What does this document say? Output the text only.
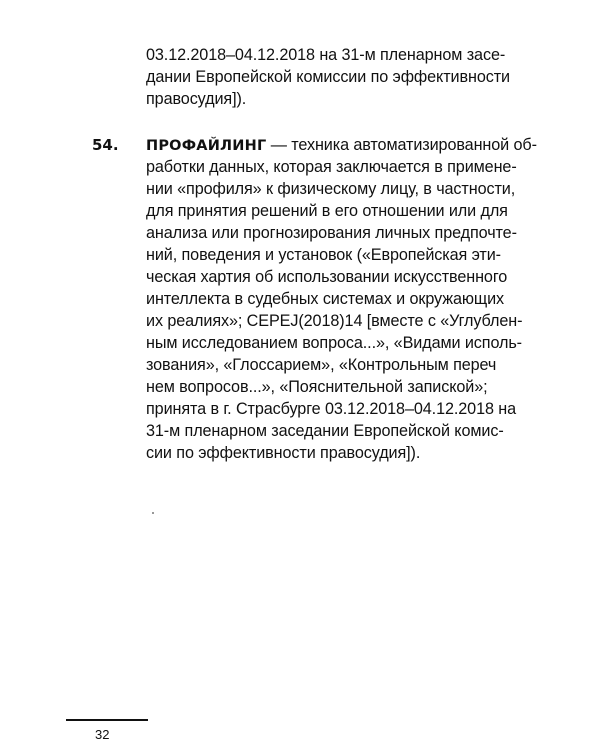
03.12.2018–04.12.2018 на 31-м пленарном засе-
дании Европейской комиссии по эффективности
правосудия]).
54. ПРОФАЙЛИНГ — техника автоматизированной об-
работки данных, которая заключается в примене-
нии «профиля» к физическому лицу, в частности,
для принятия решений в его отношении или для
анализа или прогнозирования личных предпочте-
ний, поведения и установок («Европейская эти-
ческая хартия об использовании искусственного
интеллекта в судебных системах и окружающих
их реалиях»; CEPEJ(2018)14 [вместе с «Углублен-
ным исследованием вопроса...», «Видами исполь-
зования», «Глоссарием», «Контрольным переч
нем вопросов...», «Пояснительной запиской»;
принята в г. Страсбурге 03.12.2018–04.12.2018 на
31-м пленарном заседании Европейской комис-
сии по эффективности правосудия]).
32
